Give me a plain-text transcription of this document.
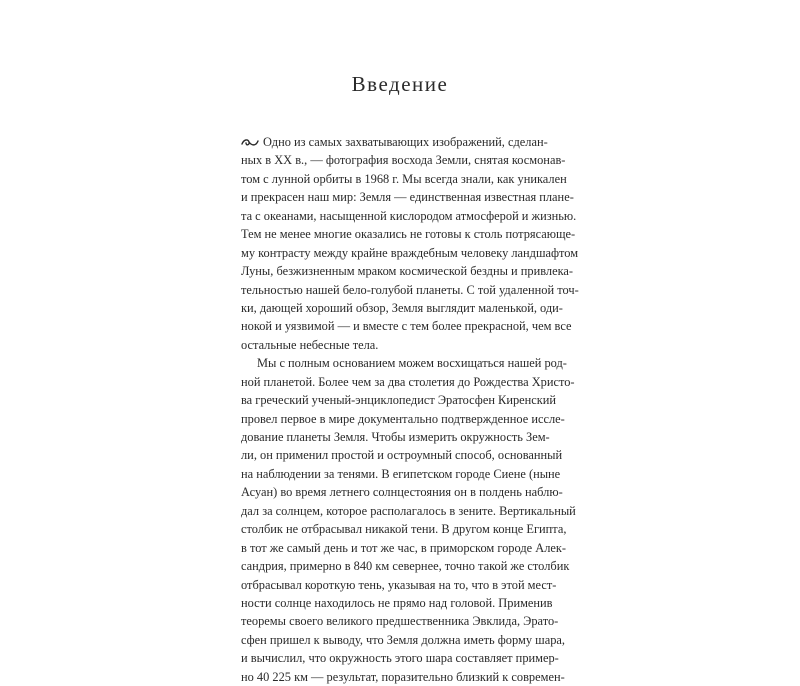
Введение
Одно из самых захватывающих изображений, сделан-
ных в XX в., — фотография восхода Земли, снятая космонав-
том с лунной орбиты в 1968 г. Мы всегда знали, как уникален
и прекрасен наш мир: Земля — единственная известная плане-
та с океанами, насыщенной кислородом атмосферой и жизнью.
Тем не менее многие оказались не готовы к столь потрясающе-
му контрасту между крайне враждебным человеку ландшафтом
Луны, безжизненным мраком космической бездны и привлека-
тельностью нашей бело-голубой планеты. С той удаленной точ-
ки, дающей хороший обзор, Земля выглядит маленькой, оди-
нокой и уязвимой — и вместе с тем более прекрасной, чем все
остальные небесные тела.
Мы с полным основанием можем восхищаться нашей род-
ной планетой. Более чем за два столетия до Рождества Христо-
ва греческий ученый-энциклопедист Эратосфен Киренский
провел первое в мире документально подтвержденное иссле-
дование планеты Земля. Чтобы измерить окружность Зем-
ли, он применил простой и остроумный способ, основанный
на наблюдении за тенями. В египетском городе Сиене (ныне
Асуан) во время летнего солнцестояния он в полдень наблю-
дал за солнцем, которое располагалось в зените. Вертикальный
столбик не отбрасывал никакой тени. В другом конце Египта,
в тот же самый день и тот же час, в приморском городе Алек-
сандрия, примерно в 840 км севернее, точно такой же столбик
отбрасывал короткую тень, указывая на то, что в этой мест-
ности солнце находилось не прямо над головой. Применив
теоремы своего великого предшественника Эвклида, Эрато-
сфен пришел к выводу, что Земля должна иметь форму шара,
и вычислил, что окружность этого шара составляет пример-
но 40 225 км — результат, поразительно близкий к современ-
